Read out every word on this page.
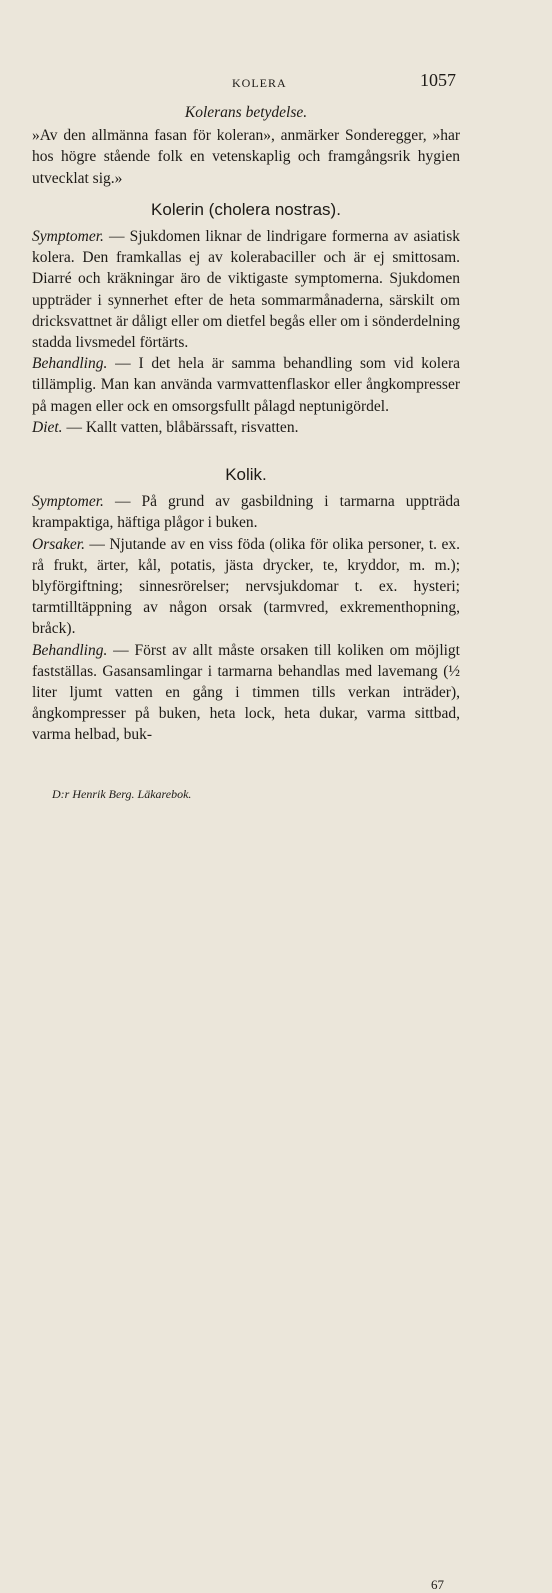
KOLERA	1057
Kolerans betydelse.

»Av den allmänna fasan för koleran», anmärker Sonderegger, »har hos högre stående folk en vetenskaplig och framgångsrik hygien utvecklat sig.»

Kolerin (cholera nostras).

Symptomer. — Sjukdomen liknar de lindrigare formerna av asiatisk kolera. Den framkallas ej av kolerabaciller och är ej smittosam. Diarré och kräkningar äro de viktigaste symptomerna. Sjukdomen uppträder i synnerhet efter de heta sommarmånaderna, särskilt om dricksvattnet är dåligt eller om dietfel begås eller om i sönderdelning stadda livsmedel förtärts.

Behandling. — I det hela är samma behandling som vid kolera tillämplig. Man kan använda varmvattenflaskor eller ångkompresser på magen eller ock en omsorgsfullt pålagd neptunigördel.

Diet. — Kallt vatten, blåbärssaft, risvatten.

Kolik.

Symptomer. — På grund av gasbildning i tarmarna uppträda krampaktiga, häftiga plågor i buken.

Orsaker. — Njutande av en viss föda (olika för olika personer, t. ex. rå frukt, ärter, kål, potatis, jästa drycker, te, kryddor, m. m.); blyförgiftning; sinnesrörelser; nervsjukdomar t. ex. hysteri; tarmtilltäppning av någon orsak (tarmvred, exkrementhopning, bråck).

Behandling. — Först av allt måste orsaken till koliken om möjligt fastställas. Gasansamlingar i tarmarna behandlas med lavemang (½ liter ljumt vatten en gång i timmen tills verkan inträder), ångkompresser på buken, heta lock, heta dukar, varma sittbad, varma helbad, buk-

D:r Henrik Berg. Läkarebok.
67
